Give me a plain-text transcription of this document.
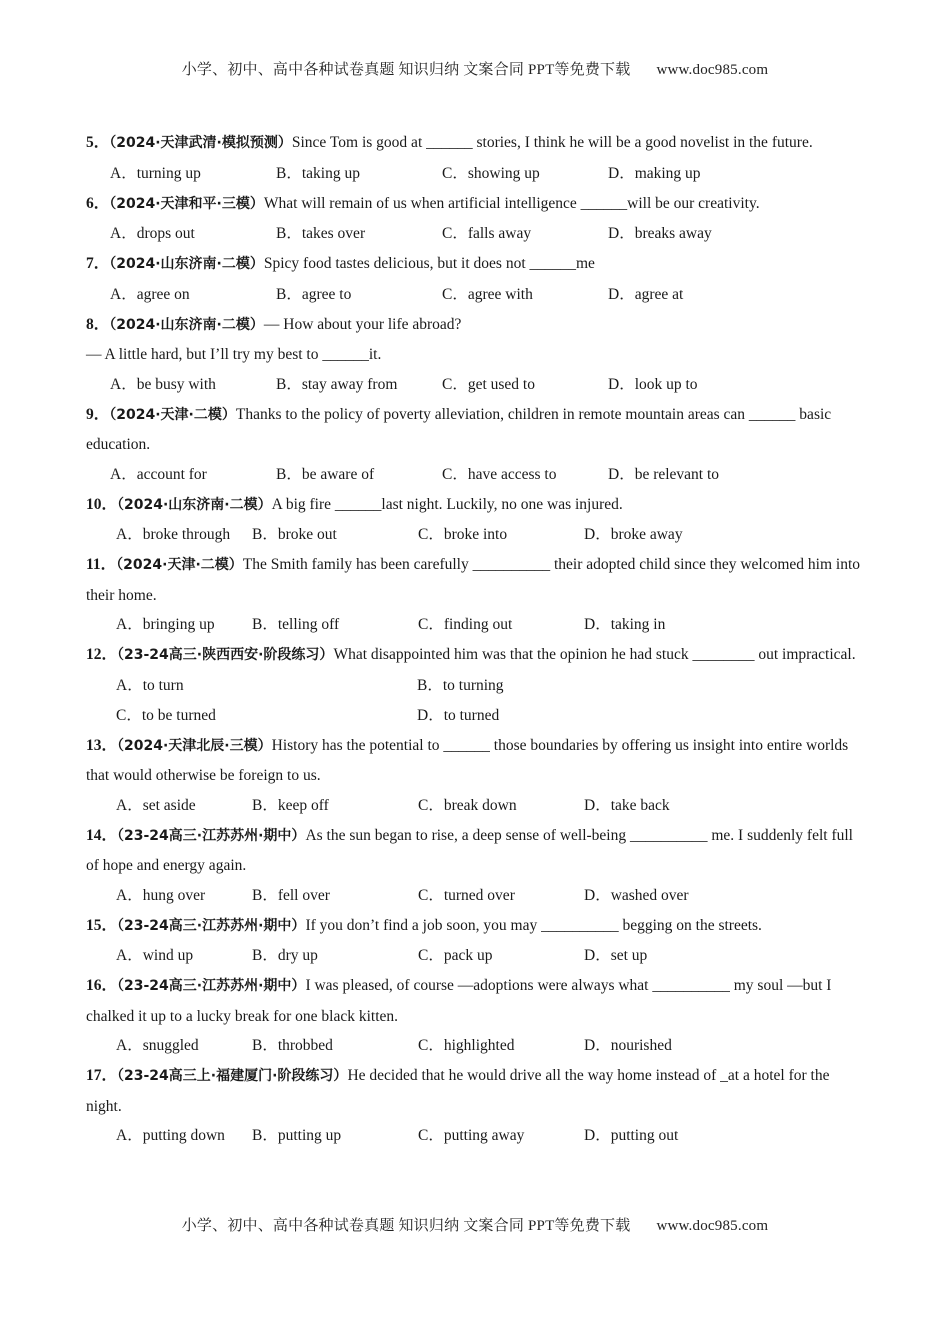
小学、初中、高中各种试卷真题 知识归纳 文案合同 PPT等免费下载 www.doc985.com
5．（2024·天津武清·模拟预测）Since Tom is good at ______ stories, I think he will be a good novelist in the future.
A．turning up	B．taking up	C．showing up	D．making up
6．（2024·天津和平·三模）What will remain of us when artificial intelligence ______will be our creativity.
A．drops out	B．takes over	C．falls away	D．breaks away
7．（2024·山东济南·二模）Spicy food tastes delicious, but it does not ______me
A．agree on	B．agree to	C．agree with	D．agree at
8．（2024·山东济南·二模）— How about your life abroad?
— A little hard, but I’ll try my best to ______it.
A．be busy with	B．stay away from	C．get used to	D．look up to
9．（2024·天津·二模）Thanks to the policy of poverty alleviation, children in remote mountain areas can ______ basic education.
A．account for	B．be aware of	C．have access to	D．be relevant to
10．（2024·山东济南·二模）A big fire ______last night. Luckily, no one was injured.
A．broke through	B．broke out	C．broke into	D．broke away
11．（2024·天津·二模）The Smith family has been carefully __________ their adopted child since they welcomed him into their home.
A．bringing up	B．telling off	C．finding out	D．taking in
12．（23-24高三·陕西西安·阶段练习）What disappointed him was that the opinion he had stuck ________ out impractical.
A．to turn	B．to turning
C．to be turned	D．to turned
13．（2024·天津北辰·三模）History has the potential to ______ those boundaries by offering us insight into entire worlds that would otherwise be foreign to us.
A．set aside	B．keep off	C．break down	D．take back
14．（23-24高三·江苏苏州·期中）As the sun began to rise, a deep sense of well-being __________ me. I suddenly felt full of hope and energy again.
A．hung over	B．fell over	C．turned over	D．washed over
15．（23-24高三·江苏苏州·期中）If you don’t find a job soon, you may __________ begging on the streets.
A．wind up	B．dry up	C．pack up	D．set up
16．（23-24高三·江苏苏州·期中）I was pleased, of course —adoptions were always what __________ my soul —but I chalked it up to a lucky break for one black kitten.
A．snuggled	B．throbbed	C．highlighted	D．nourished
17．（23-24高三上·福建厦门·阶段练习）He decided that he would drive all the way home instead of _at a hotel for the night.
A．putting down	B．putting up	C．putting away	D．putting out
小学、初中、高中各种试卷真题 知识归纳 文案合同 PPT等免费下载 www.doc985.com
